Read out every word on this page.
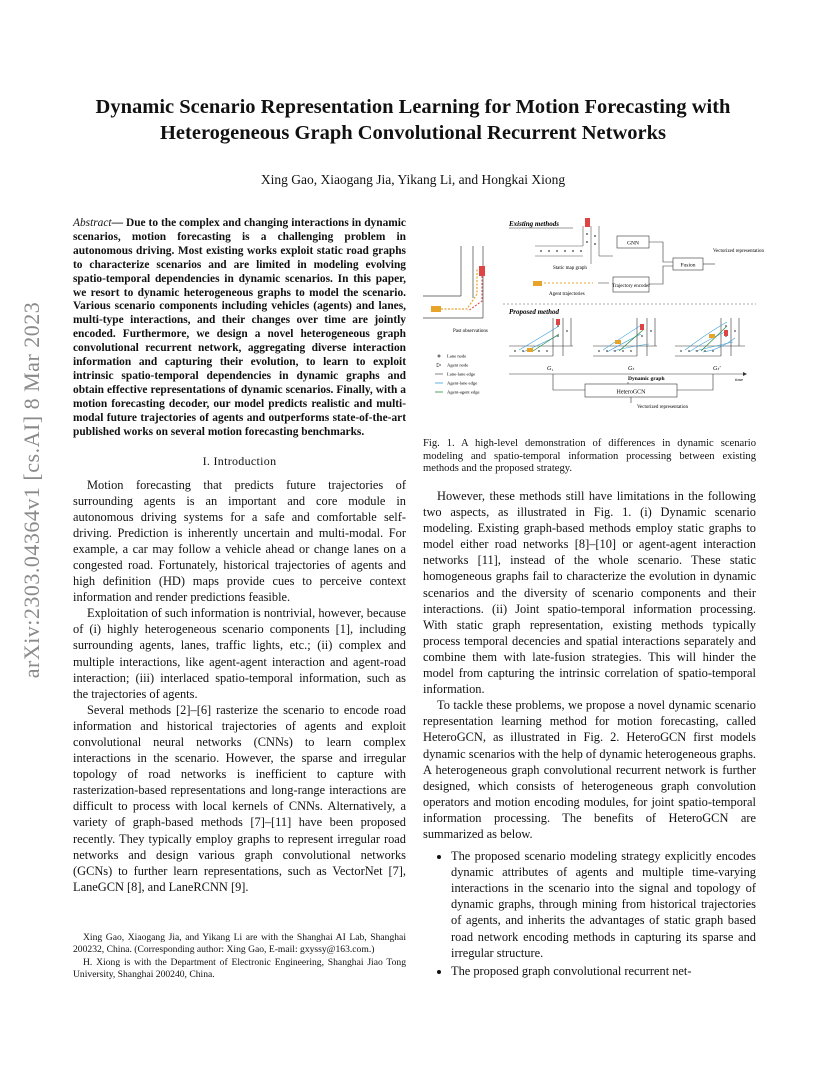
arXiv:2303.04364v1 [cs.AI] 8 Mar 2023
Dynamic Scenario Representation Learning for Motion Forecasting with Heterogeneous Graph Convolutional Recurrent Networks
Xing Gao, Xiaogang Jia, Yikang Li, and Hongkai Xiong
Abstract— Due to the complex and changing interactions in dynamic scenarios, motion forecasting is a challenging problem in autonomous driving. Most existing works exploit static road graphs to characterize scenarios and are limited in modeling evolving spatio-temporal dependencies in dynamic scenarios. In this paper, we resort to dynamic heterogeneous graphs to model the scenario. Various scenario components including vehicles (agents) and lanes, multi-type interactions, and their changes over time are jointly encoded. Furthermore, we design a novel heterogeneous graph convolutional recurrent network, aggregating diverse interaction information and capturing their evolution, to learn to exploit intrinsic spatio-temporal dependencies in dynamic graphs and obtain effective representations of dynamic scenarios. Finally, with a motion forecasting decoder, our model predicts realistic and multi-modal future trajectories of agents and outperforms state-of-the-art published works on several motion forecasting benchmarks.
I. Introduction

Motion forecasting that predicts future trajectories of surrounding agents is an important and core module in autonomous driving systems for a safe and comfortable self-driving. Prediction is inherently uncertain and multi-modal. For example, a car may follow a vehicle ahead or change lanes on a congested road. Fortunately, historical trajectories of agents and high definition (HD) maps provide cues to perceive context information and render predictions feasible.

Exploitation of such information is nontrivial, however, because of (i) highly heterogeneous scenario components [1], including surrounding agents, lanes, traffic lights, etc.; (ii) complex and multiple interactions, like agent-agent interaction and agent-road interaction; (iii) interlaced spatio-temporal information, such as the trajectories of agents.

Several methods [2]–[6] rasterize the scenario to encode road information and historical trajectories of agents and exploit convolutional neural networks (CNNs) to learn complex interactions in the scenario. However, the sparse and irregular topology of road networks is inefficient to capture with rasterization-based representations and long-range interactions are difficult to process with local kernels of CNNs. Alternatively, a variety of graph-based methods [7]–[11] have been proposed recently. They typically employ graphs to represent irregular road networks and design various graph convolutional networks (GCNs) to further learn representations, such as VectorNet [7], LaneGCN [8], and LaneRCNN [9].

Xing Gao, Xiaogang Jia, and Yikang Li are with the Shanghai AI Lab, Shanghai 200232, China. (Corresponding author: Xing Gao, E-mail: gxyssy@163.com.)

H. Xiong is with the Department of Electronic Engineering, Shanghai Jiao Tong University, Shanghai 200240, China.

Existing methods
Static map graph
Agent trajectories
GNN
Trajectory encoder
Fusion
Vectorized representation
Proposed method
Past observations
G₁	Gₜ	Gₜ'
Dynamic graph	time
HeteroGCN
Vectorized representation
Lane node
Agent node
Lane-lane edge
Agent-lane edge
Agent-agent edge
Fig. 1. A high-level demonstration of differences in dynamic scenario modeling and spatio-temporal information processing between existing methods and the proposed strategy.

However, these methods still have limitations in the following two aspects, as illustrated in Fig. 1. (i) Dynamic scenario modeling. Existing graph-based methods employ static graphs to model either road networks [8]–[10] or agent-agent interaction networks [11], instead of the whole scenario. These static homogeneous graphs fail to characterize the evolution in dynamic scenarios and the diversity of scenario components and their interactions. (ii) Joint spatio-temporal information processing. With static graph representation, existing methods typically process temporal decencies and spatial interactions separately and combine them with late-fusion strategies. This will hinder the model from capturing the intrinsic correlation of spatio-temporal information.

To tackle these problems, we propose a novel dynamic scenario representation learning method for motion forecasting, called HeteroGCN, as illustrated in Fig. 2. HeteroGCN first models dynamic scenarios with the help of dynamic heterogeneous graphs. A heterogeneous graph convolutional recurrent network is further designed, which consists of heterogeneous graph convolution operators and motion encoding modules, for joint spatio-temporal information processing. The benefits of HeteroGCN are summarized as below.

• The proposed scenario modeling strategy explicitly encodes dynamic attributes of agents and multiple time-varying interactions in the scenario into the signal and topology of dynamic graphs, through mining from historical trajectories of agents, and inherits the advantages of static graph based road network encoding methods in capturing its sparse and irregular structure.
• The proposed graph convolutional recurrent net-
